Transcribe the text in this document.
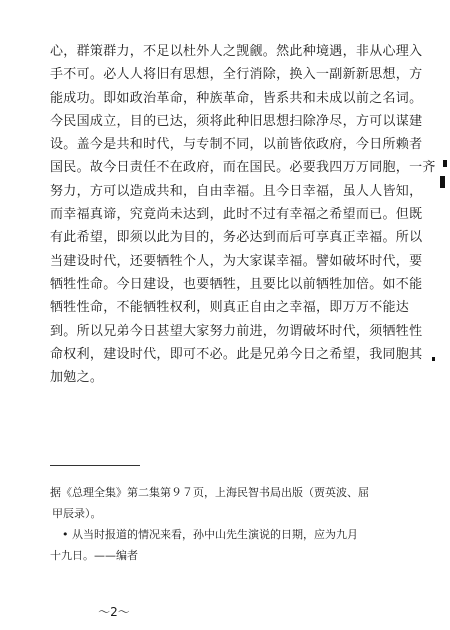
心，群策群力，不足以杜外人之觊觎。然此种境遇，非从心理入
手不可。必人人将旧有思想，全行消除，换入一副新新思想，方
能成功。即如政治革命，种族革命，皆系共和未成以前之名词。
今民国成立，目的已达，须将此种旧思想扫除净尽，方可以谋建
设。盖今是共和时代，与专制不同，以前皆依政府，今日所赖者
国民。故今日责任不在政府，而在国民。必要我四万万同胞，一齐
努力，方可以造成共和，自由幸福。且今日幸福，虽人人皆知，
而幸福真谛，究竟尚未达到，此时不过有幸福之希望而已。但既
有此希望，即须以此为目的，务必达到而后可享真正幸福。所以
当建设时代，还要牺牲个人，为大家谋幸福。譬如破坏时代，要
牺牲性命。今日建设，也要牺牲，且要比以前牺牲加倍。如不能
牺牲性命，不能牺牲权利，则真正自由之幸福，即万万不能达
到。所以兄弟今日甚望大家努力前进，勿谓破坏时代，须牺牲性
命权利，建设时代，即可不必。此是兄弟今日之希望，我同胞其
加勉之。
据《总理全集》第二集第９７页，上海民智书局出版（贾英波、屈
甲辰录）。
• 从当时报道的情况来看，孙中山先生演说的日期，应为九月
十九日。——编者
～2～
